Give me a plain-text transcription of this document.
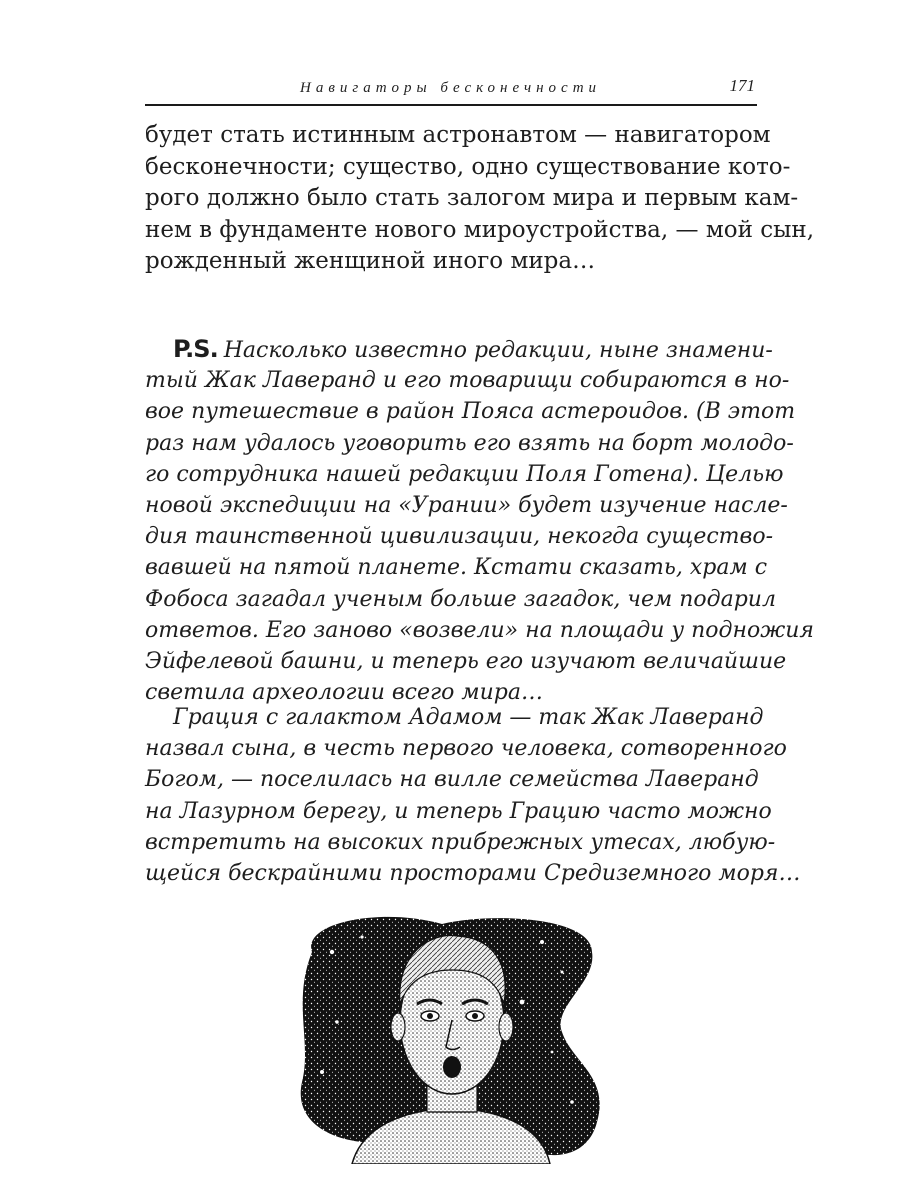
Навигаторы бесконечности	171
будет стать истинным астронавтом — навигатором
бесконечности; существо, одно существование кото-
рого должно было стать залогом мира и первым кам-
нем в фундаменте нового мироустройства, — мой сын,
рожденный женщиной иного мира…
P.S. Насколько известно редакции, ныне знамени-
тый Жак Лаверанд и его товарищи собираются в но-
вое путешествие в район Пояса астероидов. (В этот
раз нам удалось уговорить его взять на борт молодо-
го сотрудника нашей редакции Поля Готена). Целью
новой экспедиции на «Урании» будет изучение насле-
дия таинственной цивилизации, некогда существо-
вавшей на пятой планете. Кстати сказать, храм с
Фобоса загадал ученым больше загадок, чем подарил
ответов. Его заново «возвели» на площади у подножия
Эйфелевой башни, и теперь его изучают величайшие
светила археологии всего мира…
Грация с галактом Адамом — так Жак Лаверанд
назвал сына, в честь первого человека, сотворенного
Богом, — поселилась на вилле семейства Лаверанд
на Лазурном берегу, и теперь Грацию часто можно
встретить на высоких прибрежных утесах, любую-
щейся бескрайними просторами Средиземного моря…
